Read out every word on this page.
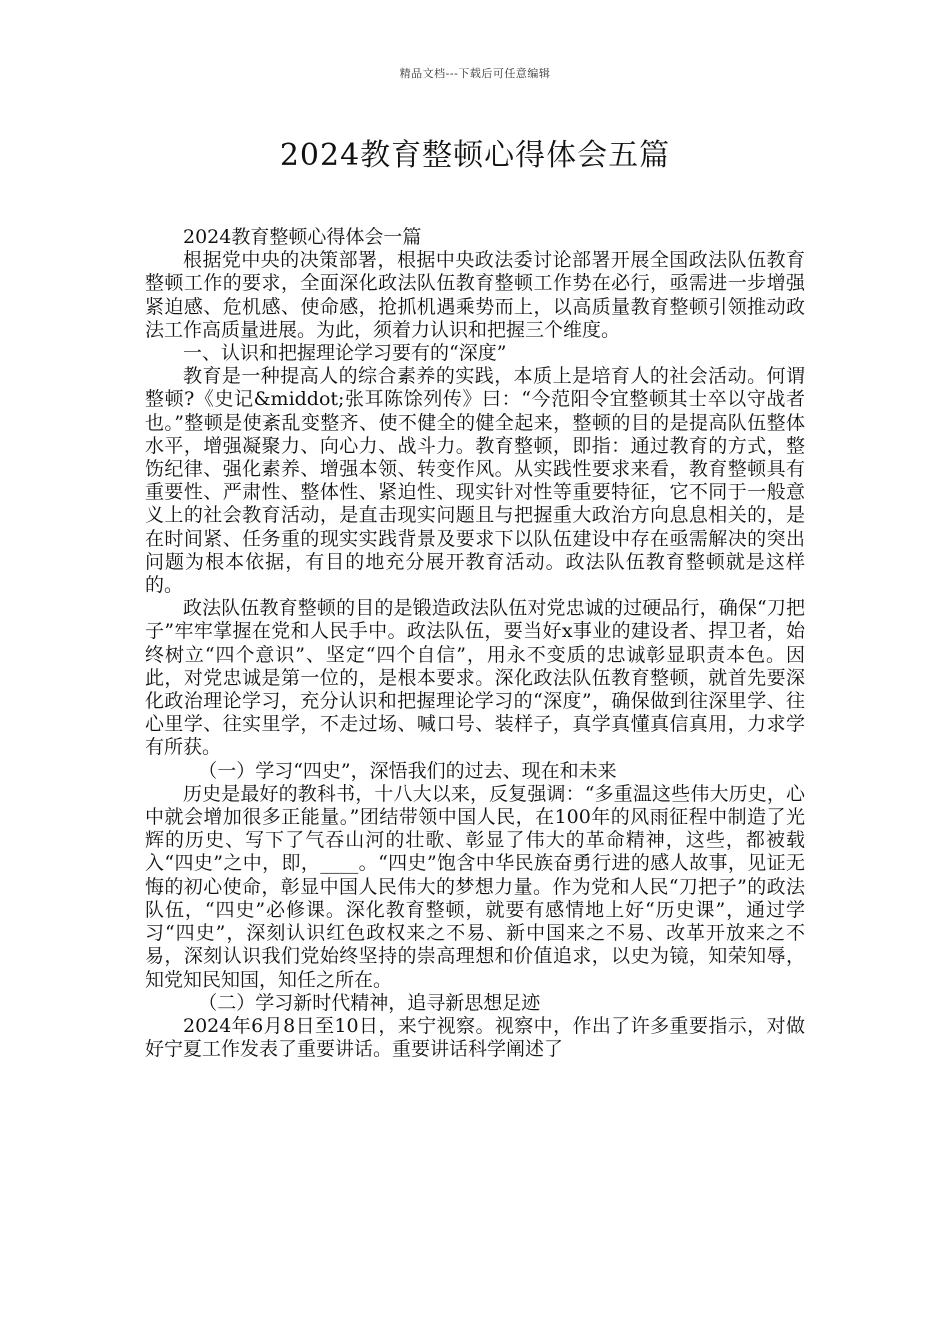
精品文档---下载后可任意编辑
2024教育整顿心得体会五篇

2024教育整顿心得体会一篇

根据党中央的决策部署，根据中央政法委讨论部署开展全国政法队伍教育整顿工作的要求，全面深化政法队伍教育整顿工作势在必行，亟需进一步增强紧迫感、危机感、使命感，抢抓机遇乘势而上，以高质量教育整顿引领推动政法工作高质量进展。为此，须着力认识和把握三个维度。

一、认识和把握理论学习要有的“深度”

教育是一种提高人的综合素养的实践，本质上是培育人的社会活动。何谓整顿?《史记&middot;张耳陈馀列传》曰：“今范阳令宜整顿其士卒以守战者也。”整顿是使紊乱变整齐、使不健全的健全起来，整顿的目的是提高队伍整体水平，增强凝聚力、向心力、战斗力。教育整顿，即指：通过教育的方式，整饬纪律、强化素养、增强本领、转变作风。从实践性要求来看，教育整顿具有重要性、严肃性、整体性、紧迫性、现实针对性等重要特征，它不同于一般意义上的社会教育活动，是直击现实问题且与把握重大政治方向息息相关的，是在时间紧、任务重的现实实践背景及要求下以队伍建设中存在亟需解决的突出问题为根本依据，有目的地充分展开教育活动。政法队伍教育整顿就是这样的。

政法队伍教育整顿的目的是锻造政法队伍对党忠诚的过硬品行，确保“刀把子”牢牢掌握在党和人民手中。政法队伍，要当好x事业的建设者、捍卫者，始终树立“四个意识”、坚定“四个自信”，用永不变质的忠诚彰显职责本色。因此，对党忠诚是第一位的，是根本要求。深化政法队伍教育整顿，就首先要深化政治理论学习，充分认识和把握理论学习的“深度”，确保做到往深里学、往心里学、往实里学，不走过场、喊口号、装样子，真学真懂真信真用，力求学有所获。

（一）学习“四史”，深悟我们的过去、现在和未来

历史是最好的教科书，十八大以来，反复强调：“多重温这些伟大历史，心中就会增加很多正能量。”团结带领中国人民，在100年的风雨征程中制造了光辉的历史、写下了气吞山河的壮歌、彰显了伟大的革命精神，这些，都被载入“四史”之中，即，____。“四史”饱含中华民族奋勇行进的感人故事，见证无悔的初心使命，彰显中国人民伟大的梦想力量。作为党和人民“刀把子”的政法队伍，“四史”必修课。深化教育整顿，就要有感情地上好“历史课”，通过学习“四史”，深刻认识红色政权来之不易、新中国来之不易、改革开放来之不易，深刻认识我们党始终坚持的崇高理想和价值追求，以史为镜，知荣知辱，知党知民知国，知任之所在。

（二）学习新时代精神，追寻新思想足迹

2024年6月8日至10日，来宁视察。视察中，作出了许多重要指示，对做好宁夏工作发表了重要讲话。重要讲话科学阐述了
